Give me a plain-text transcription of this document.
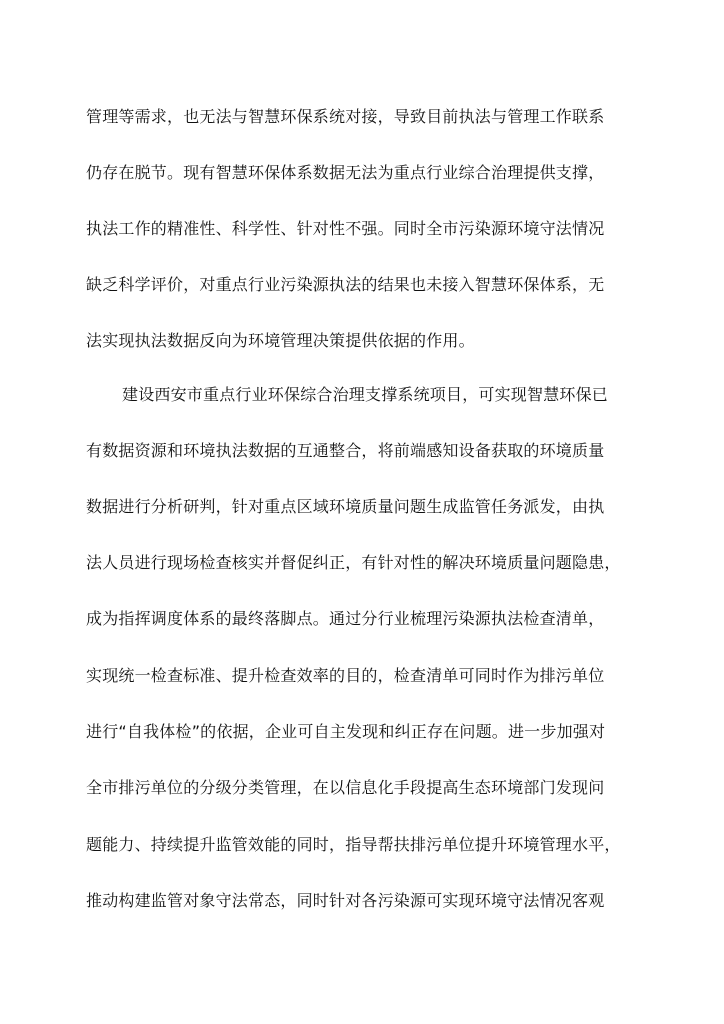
管理等需求，也无法与智慧环保系统对接，导致目前执法与管理工作联系
仍存在脱节。现有智慧环保体系数据无法为重点行业综合治理提供支撑，
执法工作的精准性、科学性、针对性不强。同时全市污染源环境守法情况
缺乏科学评价，对重点行业污染源执法的结果也未接入智慧环保体系，无
法实现执法数据反向为环境管理决策提供依据的作用。
建设西安市重点行业环保综合治理支撑系统项目，可实现智慧环保已
有数据资源和环境执法数据的互通整合，将前端感知设备获取的环境质量
数据进行分析研判，针对重点区域环境质量问题生成监管任务派发，由执
法人员进行现场检查核实并督促纠正，有针对性的解决环境质量问题隐患，
成为指挥调度体系的最终落脚点。通过分行业梳理污染源执法检查清单，
实现统一检查标准、提升检查效率的目的，检查清单可同时作为排污单位
进行“自我体检”的依据，企业可自主发现和纠正存在问题。进一步加强对
全市排污单位的分级分类管理，在以信息化手段提高生态环境部门发现问
题能力、持续提升监管效能的同时，指导帮扶排污单位提升环境管理水平，
推动构建监管对象守法常态，同时针对各污染源可实现环境守法情况客观
